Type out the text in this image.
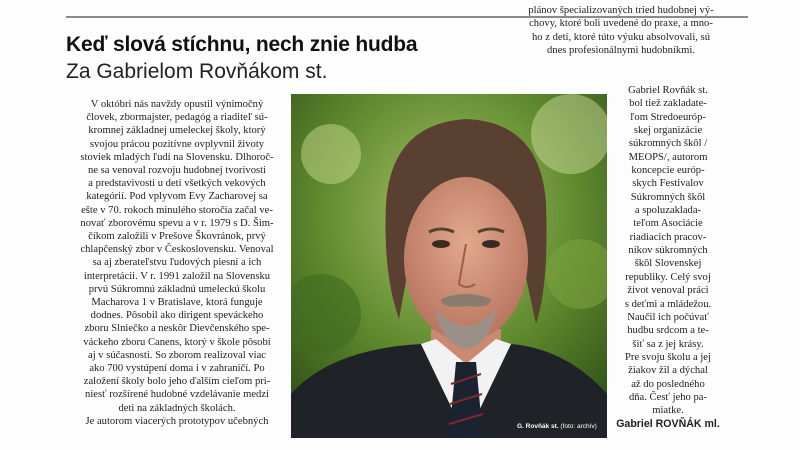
plánov špecializovaných tried hudobnej vý-

chovy, ktoré boli uvedené do praxe, a mno-

ho z detí, ktoré túto výuku absolvovali, sú

dnes profesionálnymi hudobníkmi.

Keď slová stíchnu, nech znie hudba
Za Gabrielom Rovňákom st.

V októbri nás navždy opustil výnimočný

človek, zbormajster, pedagóg a riaditeľ sú-

kromnej základnej umeleckej školy, ktorý

svojou prácou pozitívne ovplyvnil životy

stoviek mladých ľudí na Slovensku. Dlhoroč-

ne sa venoval rozvoju hudobnej tvorivosti

a predstavivosti u detí všetkých vekových

kategórií. Pod vplyvom Evy Zacharovej sa

ešte v 70. rokoch minulého storočia začal ve-

novať zborovému spevu a v r. 1979 s D. Šim-

číkom založili v Prešove Škovránok, prvý

chlapčenský zbor v Československu. Venoval

sa aj zberateľstvu ľudových piesní a ich

interpretácii. V r. 1991 založil na Slovensku

prvú Súkromnú základnú umeleckú školu

Macharova 1 v Bratislave, ktorá funguje

dodnes. Pôsobil ako dirigent speváckeho

zboru Slniečko a neskôr Dievčenského spe-

váckeho zboru Canens, ktorý v škole pôsobí

aj v súčasnosti. So zborom realizoval viac

ako 700 vystúpení doma i v zahraničí. Po

založení školy bolo jeho ďalším cieľom pri-

niesť rozšírené hudobné vzdelávanie medzi

deti na základných školách.

Je autorom viacerých prototypov učebných	G. Rovňák st. (foto: archív)

Gabriel Rovňák st.

bol tiež zakladate-

ľom Stredoeuróp-

skej organizácie

súkromných škôl /

MEOPS/, autorom

koncepcie európ-

skych Festivalov

Súkromných škôl

a spoluzaklada-

teľom Asociácie

riadiacich pracov-

níkov súkromných

škôl Slovenskej

republiky. Celý svoj

život venoval práci

s deťmi a mládežou.

Naučil ich počúvať

hudbu srdcom a te-

šiť sa z jej krásy.

Pre svoju školu a jej

žiakov žil a dýchal

až do posledného

dňa. Česť jeho pa-

miatke.

Gabriel ROVŇÁK ml.
